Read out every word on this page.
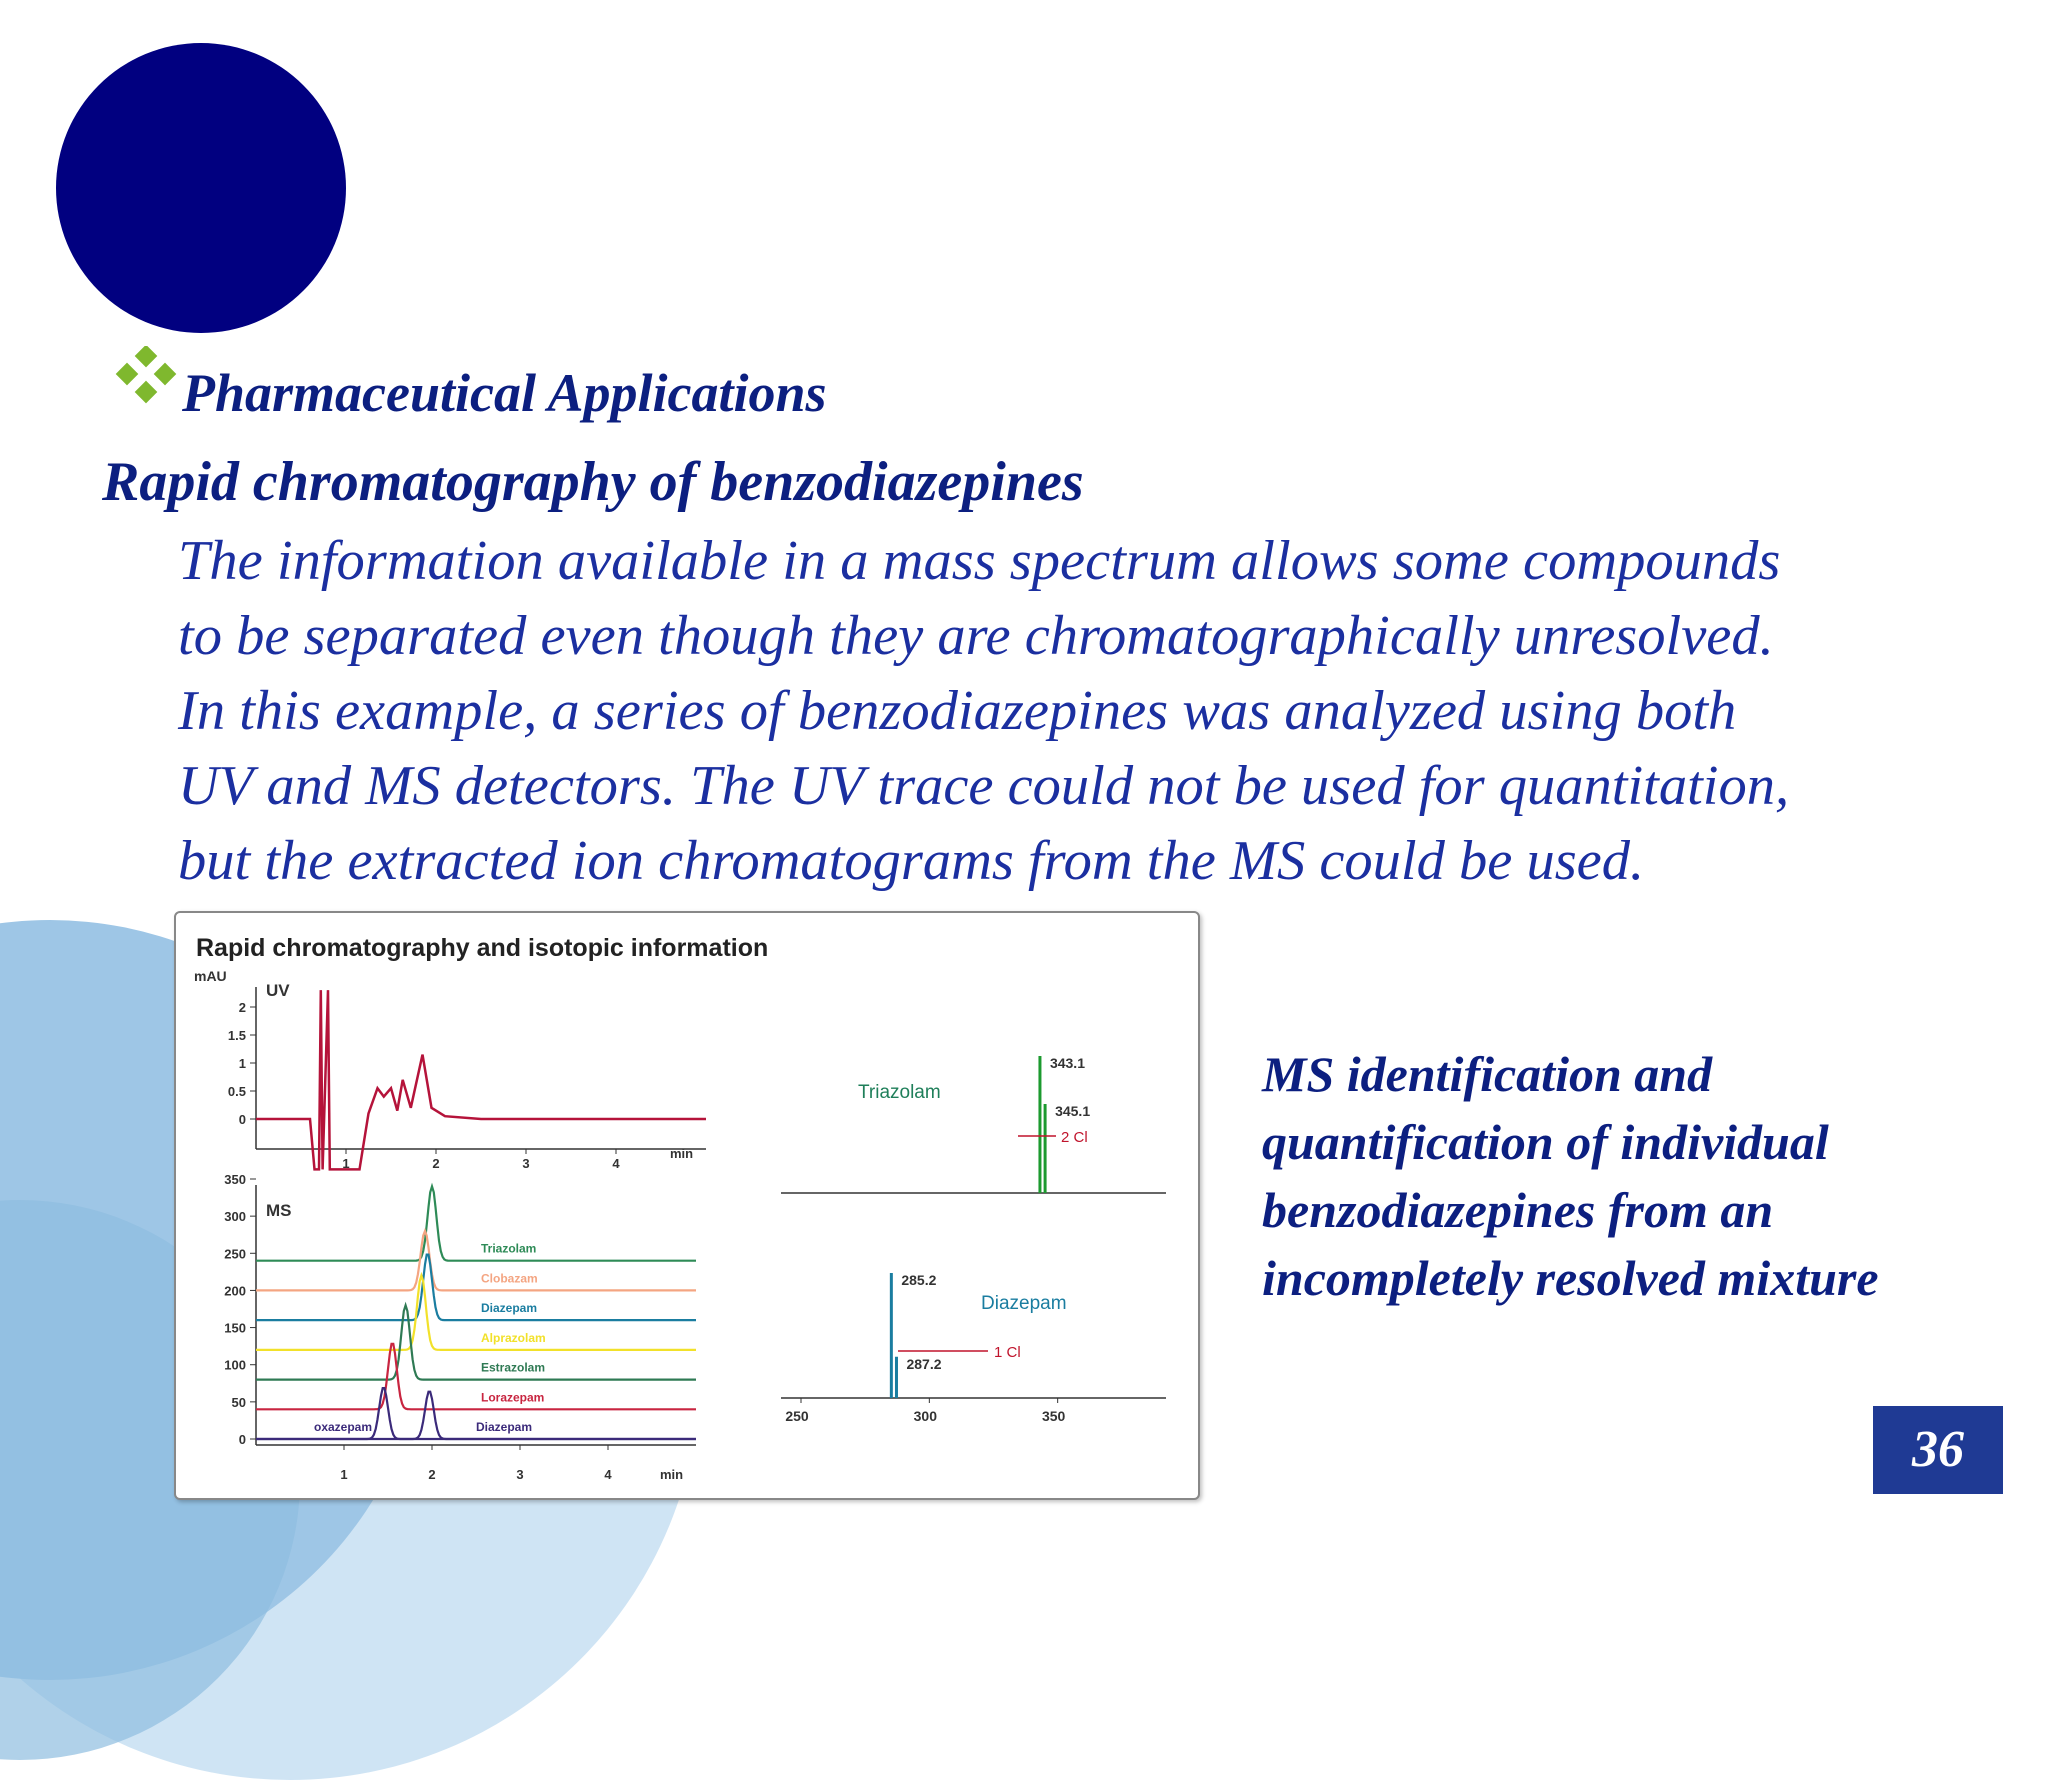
Pharmaceutical Applications
Rapid chromatography of benzodiazepines
The information available in a mass spectrum allows some compounds
to be separated even though they are chromatographically unresolved.
In this example, a series of benzodiazepines was analyzed using both
UV and MS detectors. The UV trace could not be used for quantitation,
but the extracted ion chromatograms from the MS could be used.
Rapid chromatography and isotopic information
mAU
UV
2
1.5
1
0.5
0
1	2	3	4
min
MS
350
300
250
200
150
100
50
0
1	2	3	4	min
Triazolam
Clobazam
Diazepam
Alprazolam
Estrazolam
Lorazepam
oxazepam	Diazepam
Triazolam
343.1
345.1
2 Cl
Diazepam
285.2
287.2
1 Cl
250	300	350
MS identification and
quantification of individual
benzodiazepines from an
incompletely resolved mixture
36
